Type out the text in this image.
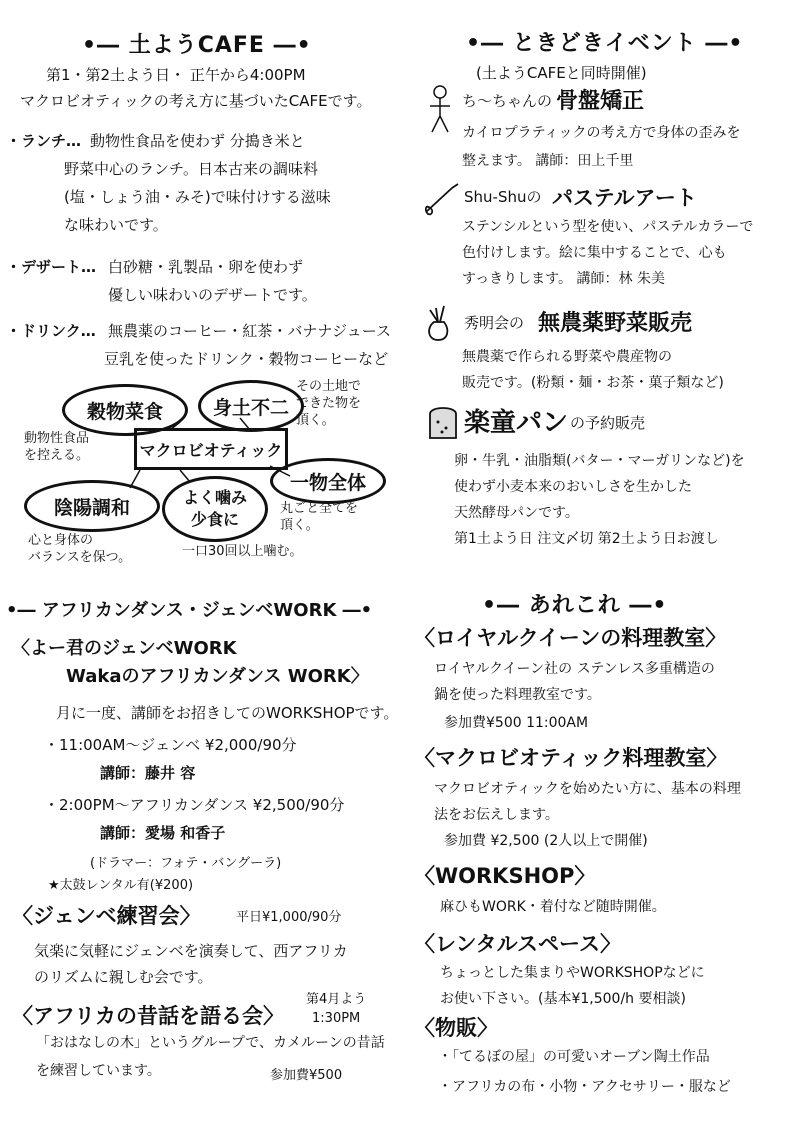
•― 土ようCAFE ―•
第1・第2土よう日・ 正午から4:00PM
マクロビオティックの考え方に基づいたCAFEです。
・ランチ… 動物性食品を使わず 分搗き米と
野菜中心のランチ。日本古来の調味料
(塩・しょう油・みそ)で味付けする滋味
な味わいです。
・デザート… 白砂糖・乳製品・卵を使わず
優しい味わいのデザートです。
・ドリンク… 無農薬のコーヒー・紅茶・バナナジュース
豆乳を使ったドリンク・穀物コーヒーなど
穀物菜食	身土不二
その土地で
できた物を
頂く。
動物性食品
を控える。	マクロビオティック
一物全体
丸ごと全てを
頂く。
陰陽調和
心と身体の
バランスを保つ。
よく噛み
少食に
一口30回以上噛む。
•― アフリカンダンス・ジェンベWORK ―•
〈よー君のジェンベWORK
Wakaのアフリカンダンス WORK〉
月に一度、講師をお招きしてのWORKSHOPです。
・11:00AM～ジェンベ ¥2,000/90分
講師：藤井 容
・2:00PM～アフリカンダンス ¥2,500/90分
講師：愛場 和香子
(ドラマー：フォテ・バングーラ)
★太鼓レンタル有(¥200)
〈ジェンベ練習会〉	平日¥1,000/90分
気楽に気軽にジェンベを演奏して、西アフリカ
のリズムに親しむ会です。
〈アフリカの昔話を語る会〉
第4月よう
1:30PM
「おはなしの木」というグループで、カメルーンの昔話
を練習しています。	参加費¥500
•― ときどきイベント ―•
(土ようCAFEと同時開催)
ち～ちゃんの 骨盤矯正
カイロプラティックの考え方で身体の歪みを
整えます。 講師：田上千里
Shu-Shuの パステルアート
ステンシルという型を使い、パステルカラーで
色付けします。絵に集中することで、心も
すっきりします。 講師：林 朱美
秀明会の 無農薬野菜販売
無農薬で作られる野菜や農産物の
販売です。(粉類・麺・お茶・菓子類など)
楽童パン の予約販売
卵・牛乳・油脂類(バター・マーガリンなど)を
使わず小麦本来のおいしさを生かした
天然酵母パンです。
第1土よう日 注文〆切 第2土よう日お渡し
•― あれこれ ―•
〈ロイヤルクイーンの料理教室〉
ロイヤルクイーン社の ステンレス多重構造の
鍋を使った料理教室です。
参加費¥500 11:00AM
〈マクロビオティック料理教室〉
マクロビオティックを始めたい方に、基本の料理
法をお伝えします。
参加費 ¥2,500 (2人以上で開催)
〈WORKSHOP〉
麻ひもWORK・着付など随時開催。
〈レンタルスペース〉
ちょっとした集まりやWORKSHOPなどに
お使い下さい。(基本¥1,500/h 要相談)
〈物販〉
・「てるぼの屋」の可愛いオーブン陶土作品
・アフリカの布・小物・アクセサリー・服など
